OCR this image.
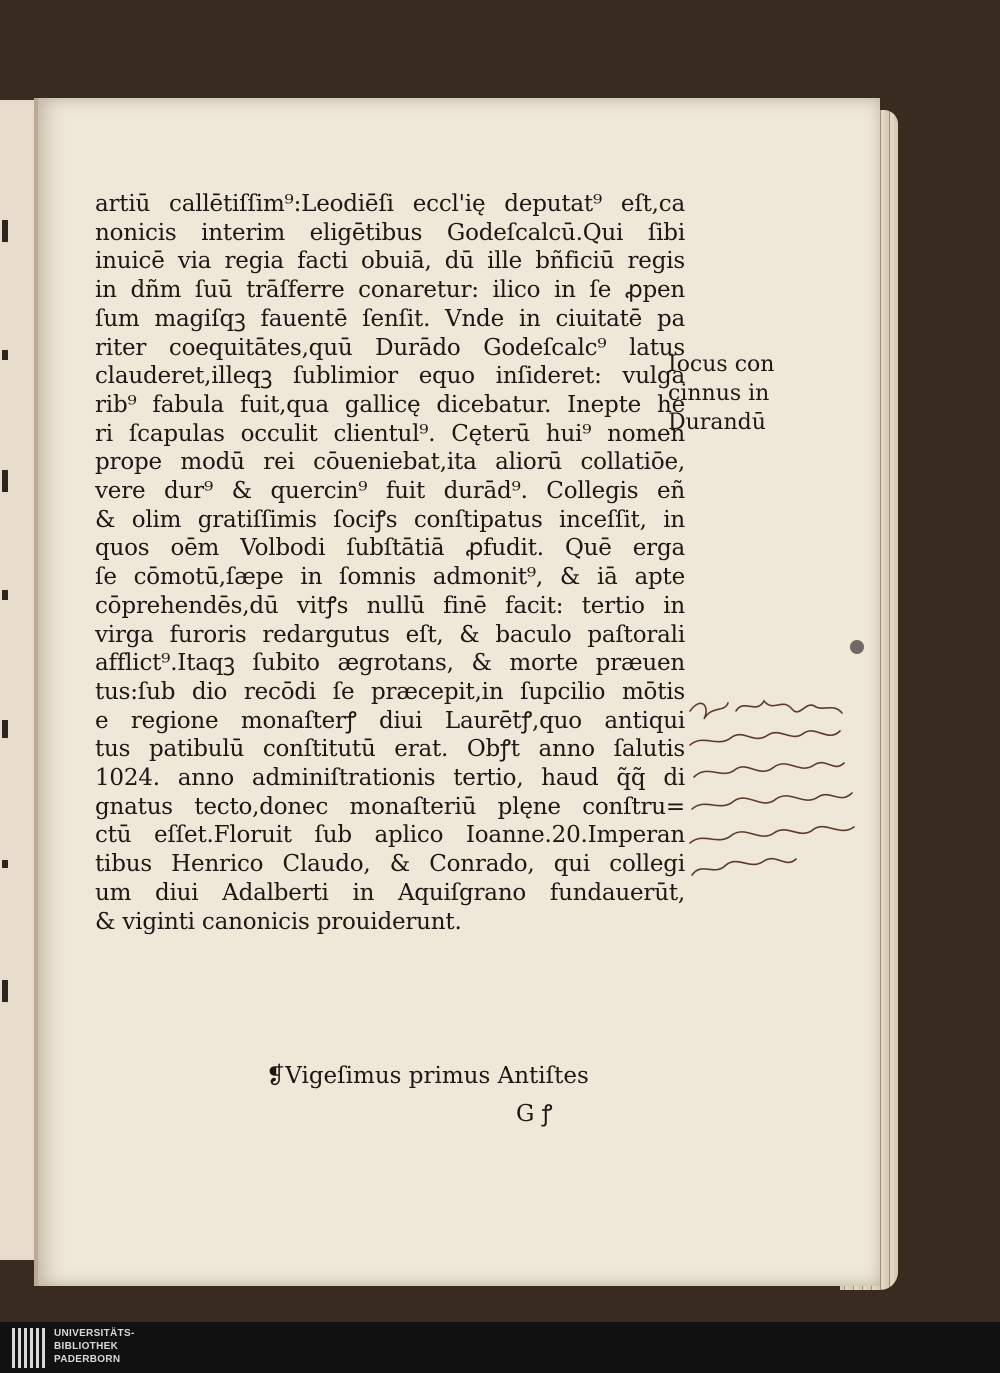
artiū callētiſſim⁹:Leodiēſi eccl'ię deputat⁹ eſt,ca
nonicis interim eligētibus Godeſcalcū.Qui ſibi
inuicē via regia facti obuiā, dū ille bñficiū regis
in dñm ſuū trāſferre conaretur: ilico in ſe ꝓpen
ſum magiſqꝫ fauentē ſenſit. Vnde in ciuitatē pa
riter coequitātes,quū Durādo Godeſcalc⁹ latus
clauderet,illeqꝫ ſublimior equo inſideret: vulga
rib⁹ fabula fuit,qua gallicę dicebatur. Inepte he
ri ſcapulas occulit clientul⁹. Cęterū hui⁹ nomen
prope modū rei cōueniebat,ita aliorū collatiōe,
vere dur⁹ & quercin⁹ fuit durād⁹. Collegis eñ
& olim gratiſſimis ſociꝭs conſtipatus inceſſit, in
quos oēm Volbodi ſubſtātiā ꝓfudit. Quē erga
ſe cōmotū,ſæpe in ſomnis admonit⁹, & iā apte
cōprehendēs,dū vitꝭs nullū finē facit: tertio in
virga furoris redargutus eſt, & baculo paſtorali
afflict⁹.Itaqꝫ ſubito ægrotans, & morte præuen
tus:ſub dio recōdi ſe præcepit,in ſupcilio mōtis
e regione monaſterꝭ diui Laurētꝭ,quo antiqui
tus patibulū conſtitutū erat. Obꝭt anno ſalutis
1024. anno adminiſtrationis tertio, haud q̃q̃ di
gnatus tecto,donec monaſteriū plęne conſtru=
ctū eſſet.Floruit ſub aplico Ioanne.20.Imperan
tibus Henrico Claudo, & Conrado, qui collegi
um diui Adalberti in Aquiſgrano fundauerūt,
& viginti canonicis prouiderunt.
❡Vigeſimus primus Antiſtes
G ꝭ
Iocus con
cinnus in
Durandū
UNIVERSITÄTS-
BIBLIOTHEK
PADERBORN
